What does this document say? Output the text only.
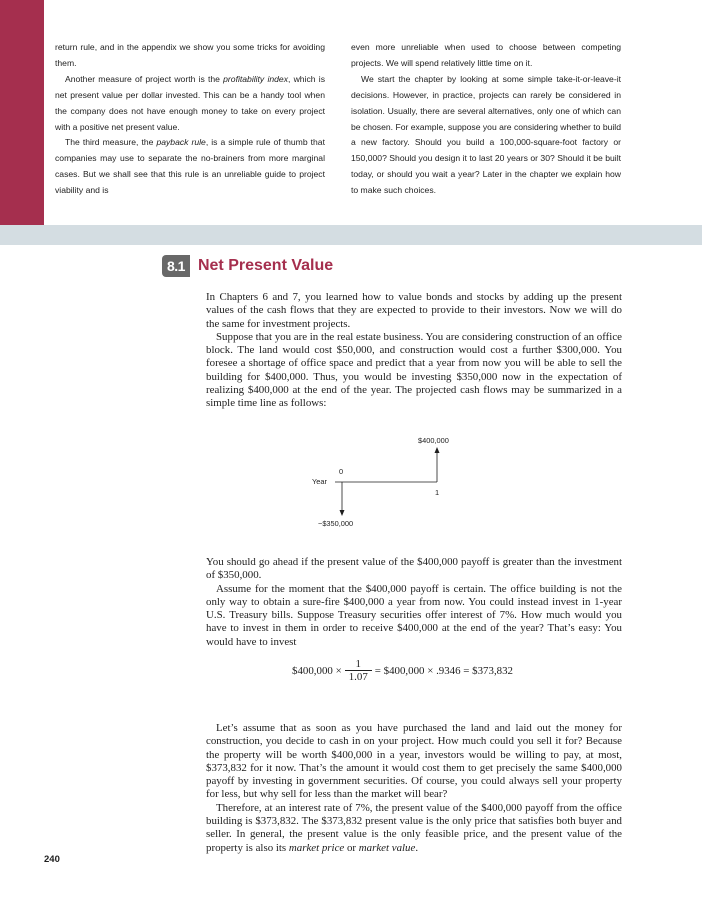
return rule, and in the appendix we show you some tricks for avoiding them.

Another measure of project worth is the profitability index, which is net present value per dollar invested. This can be a handy tool when the company does not have enough money to take on every project with a positive net present value.

The third measure, the payback rule, is a simple rule of thumb that companies may use to separate the no-brainers from more marginal cases. But we shall see that this rule is an unreliable guide to project viability and is

even more unreliable when used to choose between competing projects. We will spend relatively little time on it.

We start the chapter by looking at some simple take-it-or-leave-it decisions. However, in practice, projects can rarely be considered in isolation. Usually, there are several alternatives, only one of which can be chosen. For example, suppose you are considering whether to build a new factory. Should you build a 100,000-square-foot factory or 150,000? Should you design it to last 20 years or 30? Should it be built today, or should you wait a year? Later in the chapter we explain how to make such choices.

8.1 Net Present Value

In Chapters 6 and 7, you learned how to value bonds and stocks by adding up the present values of the cash flows that they are expected to provide to their investors. Now we will do the same for investment projects.

Suppose that you are in the real estate business. You are considering construction of an office block. The land would cost $50,000, and construction would cost a further $300,000. You foresee a shortage of office space and predict that a year from now you will be able to sell the building for $400,000. Thus, you would be investing $350,000 now in the expectation of realizing $400,000 at the end of the year. The projected cash flows may be summarized in a simple time line as follows:

Year
0
1
$400,000
−$350,000

You should go ahead if the present value of the $400,000 payoff is greater than the investment of $350,000.

Assume for the moment that the $400,000 payoff is certain. The office building is not the only way to obtain a sure-fire $400,000 a year from now. You could instead invest in 1-year U.S. Treasury bills. Suppose Treasury securities offer interest of 7%. How much would you have to invest in them in order to receive $400,000 at the end of the year? That’s easy: You would have to invest

$400,000 × $\frac{1}{1.07}$ = $400,000 × .9346 = $373,832

Let’s assume that as soon as you have purchased the land and laid out the money for construction, you decide to cash in on your project. How much could you sell it for? Because the property will be worth $400,000 in a year, investors would be willing to pay, at most, $373,832 for it now. That’s the amount it would cost them to get precisely the same $400,000 payoff by investing in government securities. Of course, you could always sell your property for less, but why sell for less than the market will bear?

Therefore, at an interest rate of 7%, the present value of the $400,000 payoff from the office building is $373,832. The $373,832 present value is the only price that satisfies both buyer and seller. In general, the present value is the only feasible price, and the present value of the property is also its market price or market value.

240
